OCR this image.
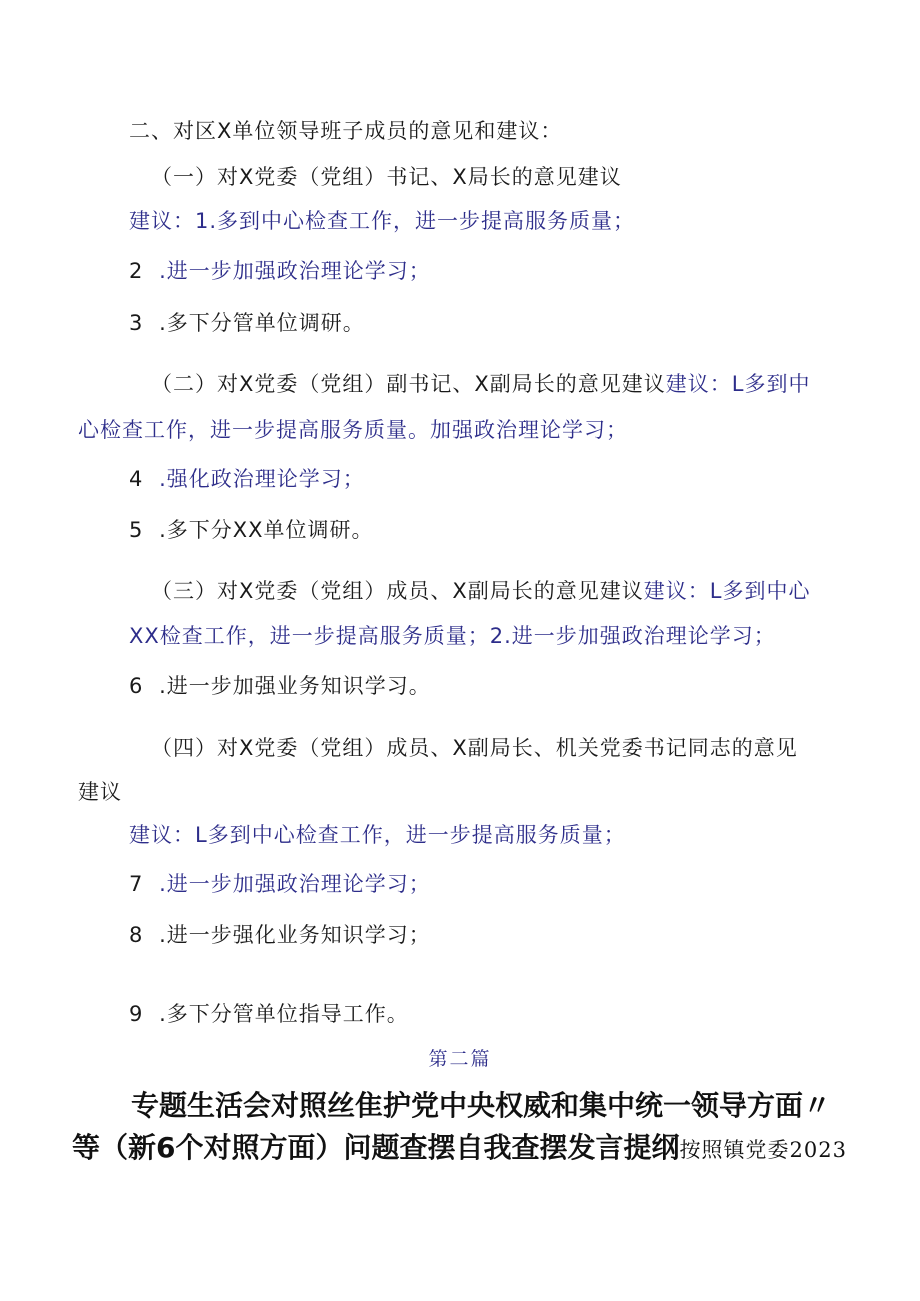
二、对区X单位领导班子成员的意见和建议：
（一）对X党委（党组）书记、X局长的意见建议
建议：1.多到中心检查工作，进一步提高服务质量；
2 .进一步加强政治理论学习；
3 .多下分管单位调研。
（二）对X党委（党组）副书记、X副局长的意见建议建议：L多到中
心检查工作，进一步提高服务质量。加强政治理论学习；
4 .强化政治理论学习；
5 .多下分XX单位调研。
（三）对X党委（党组）成员、X副局长的意见建议建议：L多到中心
XX检查工作，进一步提高服务质量；2.进一步加强政治理论学习；
6 .进一步加强业务知识学习。
（四）对X党委（党组）成员、X副局长、机关党委书记同志的意见
建议
建议：L多到中心检查工作，进一步提高服务质量；
7 .进一步加强政治理论学习；
8 .进一步强化业务知识学习；
9 .多下分管单位指导工作。
第二篇
专题生活会对照丝隹护党中央权威和集中统一领导方面〃
等（新6个对照方面）问题查摆自我查摆发言提纲按照镇党委2023
